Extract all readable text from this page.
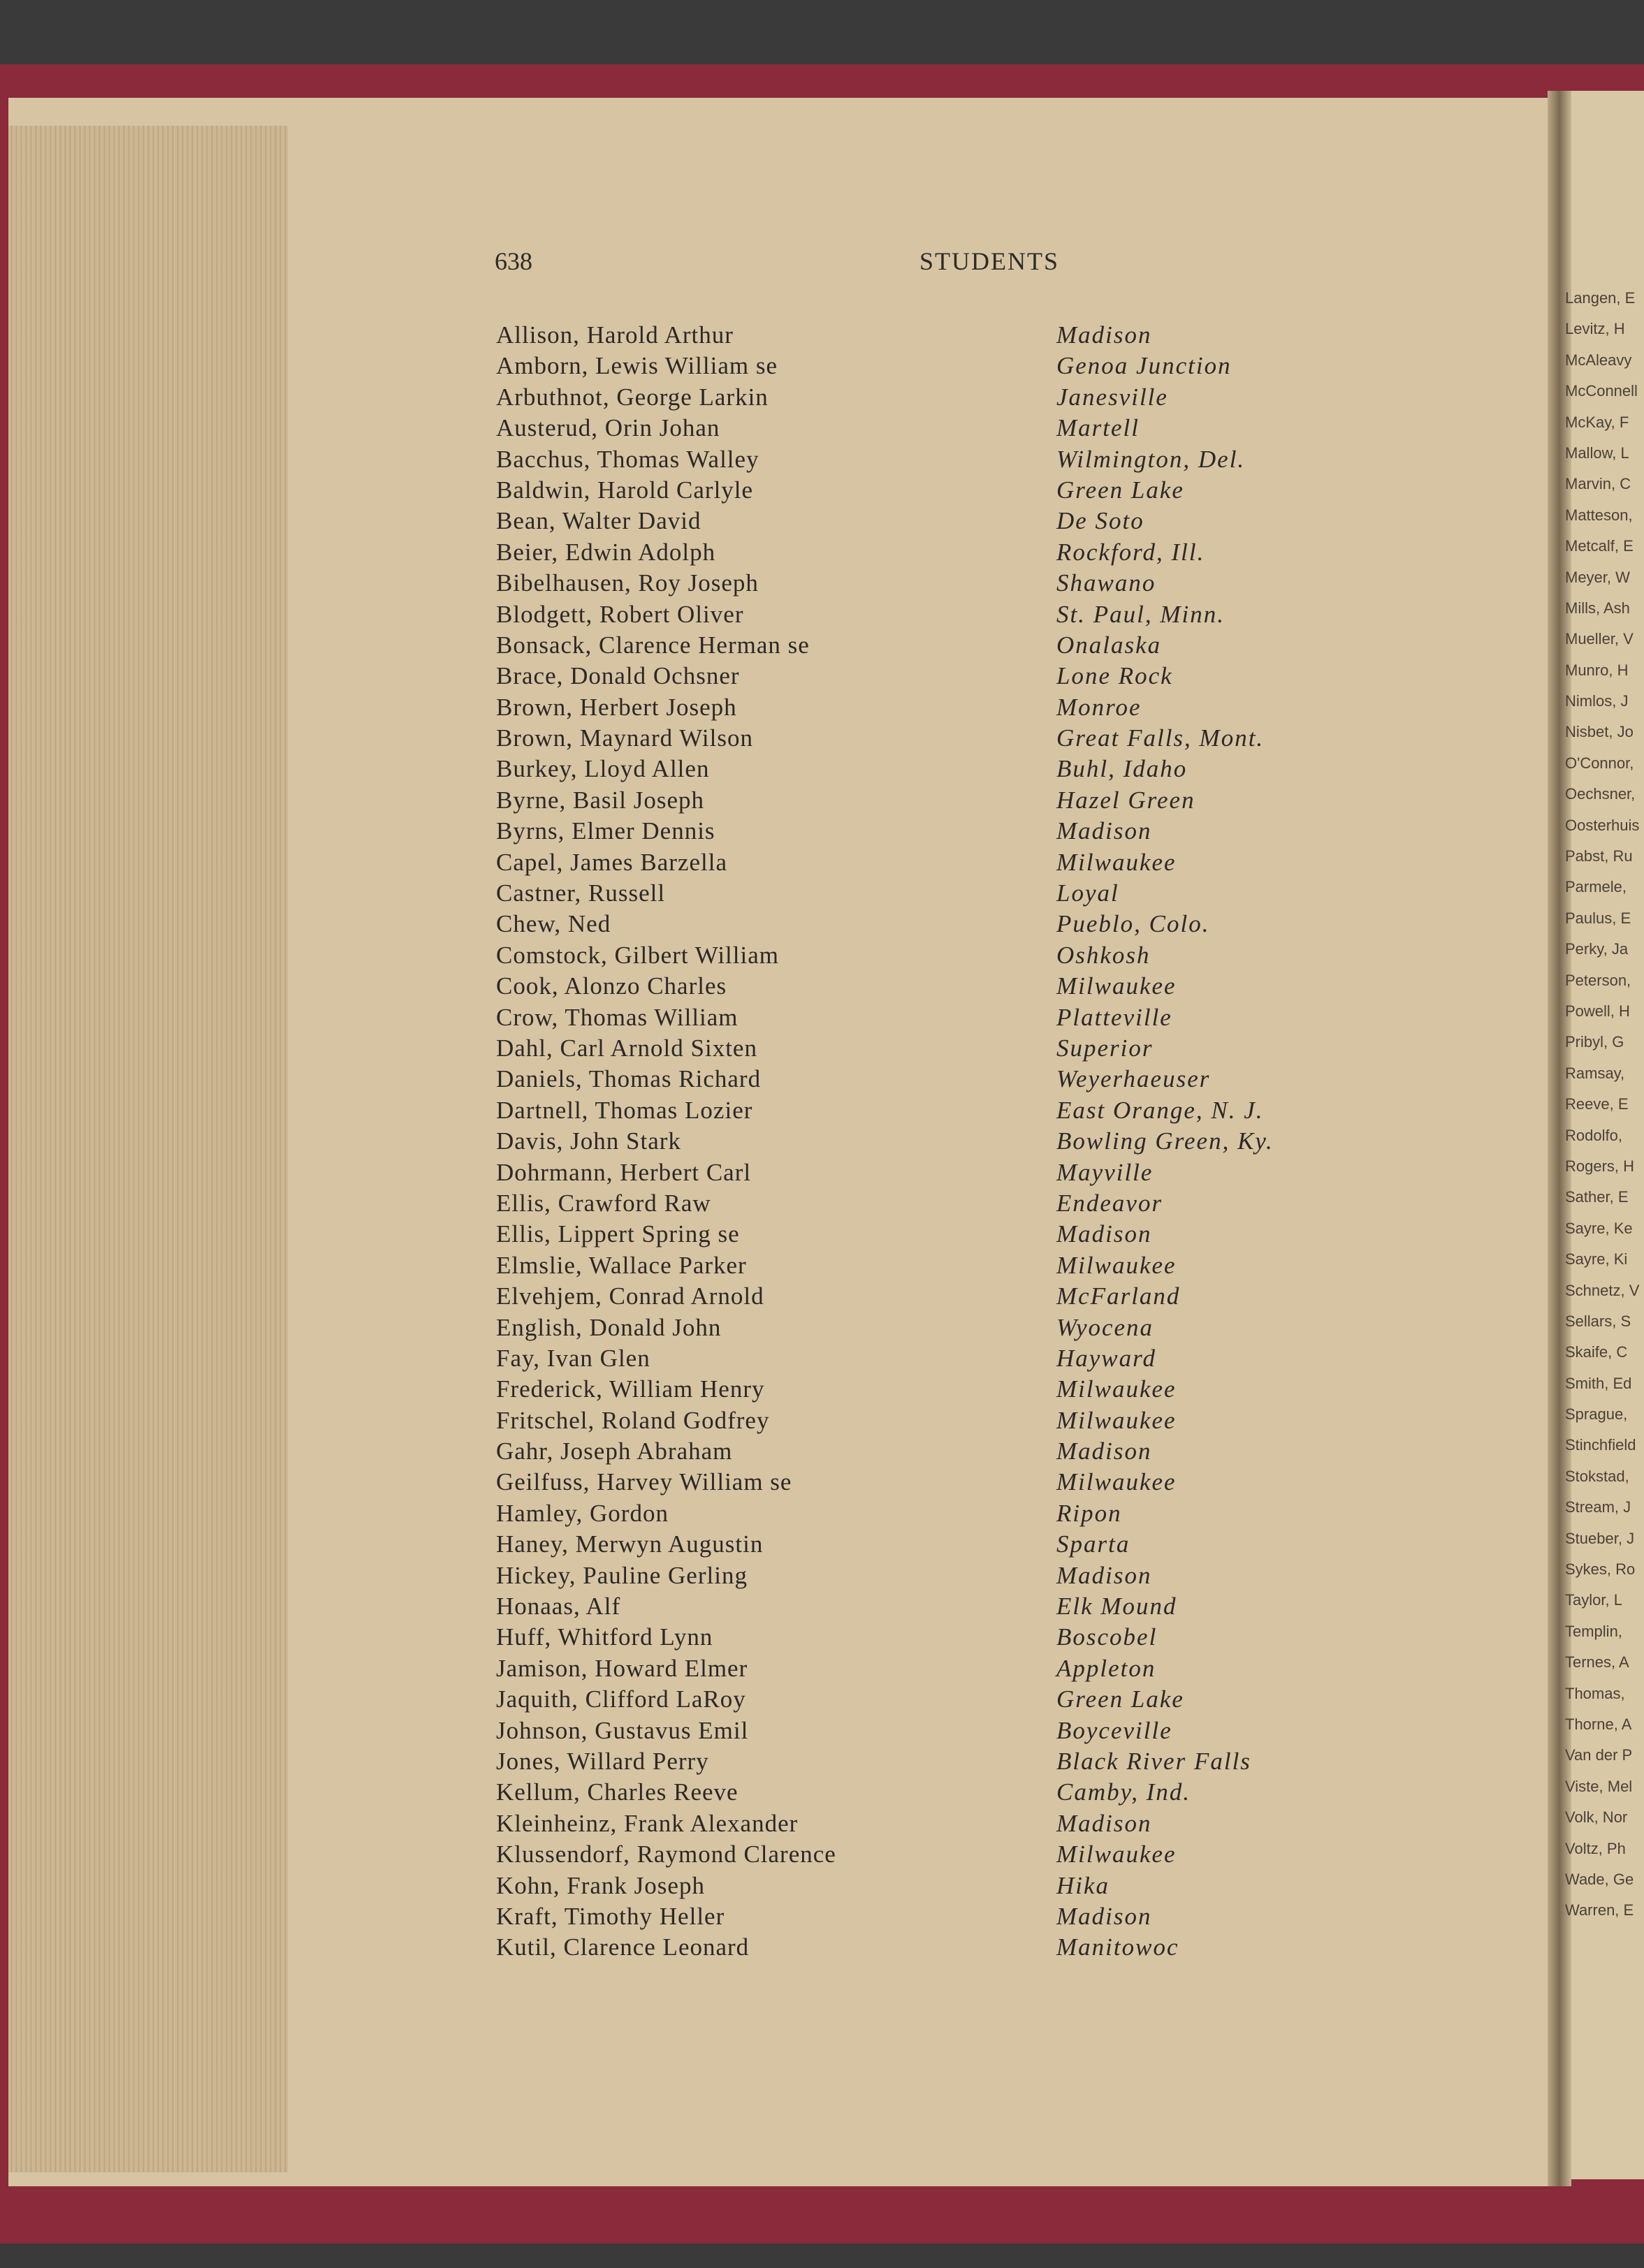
Langen, E
Levitz, H
McAleavy
McConnell
McKay, F
Mallow, L
Marvin, C
Matteson,
Metcalf, E
Meyer, W
Mills, Ash
Mueller, V
Munro, H
Nimlos, J
Nisbet, Jo
O'Connor,
Oechsner,
Oosterhuis
Pabst, Ru
Parmele,
Paulus, E
Perky, Ja
Peterson,
Powell, H
Pribyl, G
Ramsay,
Reeve, E
Rodolfo,
Rogers, H
Sather, E
Sayre, Ke
Sayre, Ki
Schnetz, V
Sellars, S
Skaife, C
Smith, Ed
Sprague,
Stinchfield
Stokstad,
Stream, J
Stueber, J
Sykes, Ro
Taylor, L
Templin,
Ternes, A
Thomas,
Thorne, A
Van der P
Viste, Mel
Volk, Nor
Voltz, Ph
Wade, Ge
Warren, E
638	STUDENTS
Allison, Harold Arthur	Madison
Amborn, Lewis William se	Genoa Junction
Arbuthnot, George Larkin	Janesville
Austerud, Orin Johan	Martell
Bacchus, Thomas Walley	Wilmington, Del.
Baldwin, Harold Carlyle	Green Lake
Bean, Walter David	De Soto
Beier, Edwin Adolph	Rockford, Ill.
Bibelhausen, Roy Joseph	Shawano
Blodgett, Robert Oliver	St. Paul, Minn.
Bonsack, Clarence Herman se	Onalaska
Brace, Donald Ochsner	Lone Rock
Brown, Herbert Joseph	Monroe
Brown, Maynard Wilson	Great Falls, Mont.
Burkey, Lloyd Allen	Buhl, Idaho
Byrne, Basil Joseph	Hazel Green
Byrns, Elmer Dennis	Madison
Capel, James Barzella	Milwaukee
Castner, Russell	Loyal
Chew, Ned	Pueblo, Colo.
Comstock, Gilbert William	Oshkosh
Cook, Alonzo Charles	Milwaukee
Crow, Thomas William	Platteville
Dahl, Carl Arnold Sixten	Superior
Daniels, Thomas Richard	Weyerhaeuser
Dartnell, Thomas Lozier	East Orange, N. J.
Davis, John Stark	Bowling Green, Ky.
Dohrmann, Herbert Carl	Mayville
Ellis, Crawford Raw	Endeavor
Ellis, Lippert Spring se	Madison
Elmslie, Wallace Parker	Milwaukee
Elvehjem, Conrad Arnold	McFarland
English, Donald John	Wyocena
Fay, Ivan Glen	Hayward
Frederick, William Henry	Milwaukee
Fritschel, Roland Godfrey	Milwaukee
Gahr, Joseph Abraham	Madison
Geilfuss, Harvey William se	Milwaukee
Hamley, Gordon	Ripon
Haney, Merwyn Augustin	Sparta
Hickey, Pauline Gerling	Madison
Honaas, Alf	Elk Mound
Huff, Whitford Lynn	Boscobel
Jamison, Howard Elmer	Appleton
Jaquith, Clifford LaRoy	Green Lake
Johnson, Gustavus Emil	Boyceville
Jones, Willard Perry	Black River Falls
Kellum, Charles Reeve	Camby, Ind.
Kleinheinz, Frank Alexander	Madison
Klussendorf, Raymond Clarence	Milwaukee
Kohn, Frank Joseph	Hika
Kraft, Timothy Heller	Madison
Kutil, Clarence Leonard	Manitowoc
